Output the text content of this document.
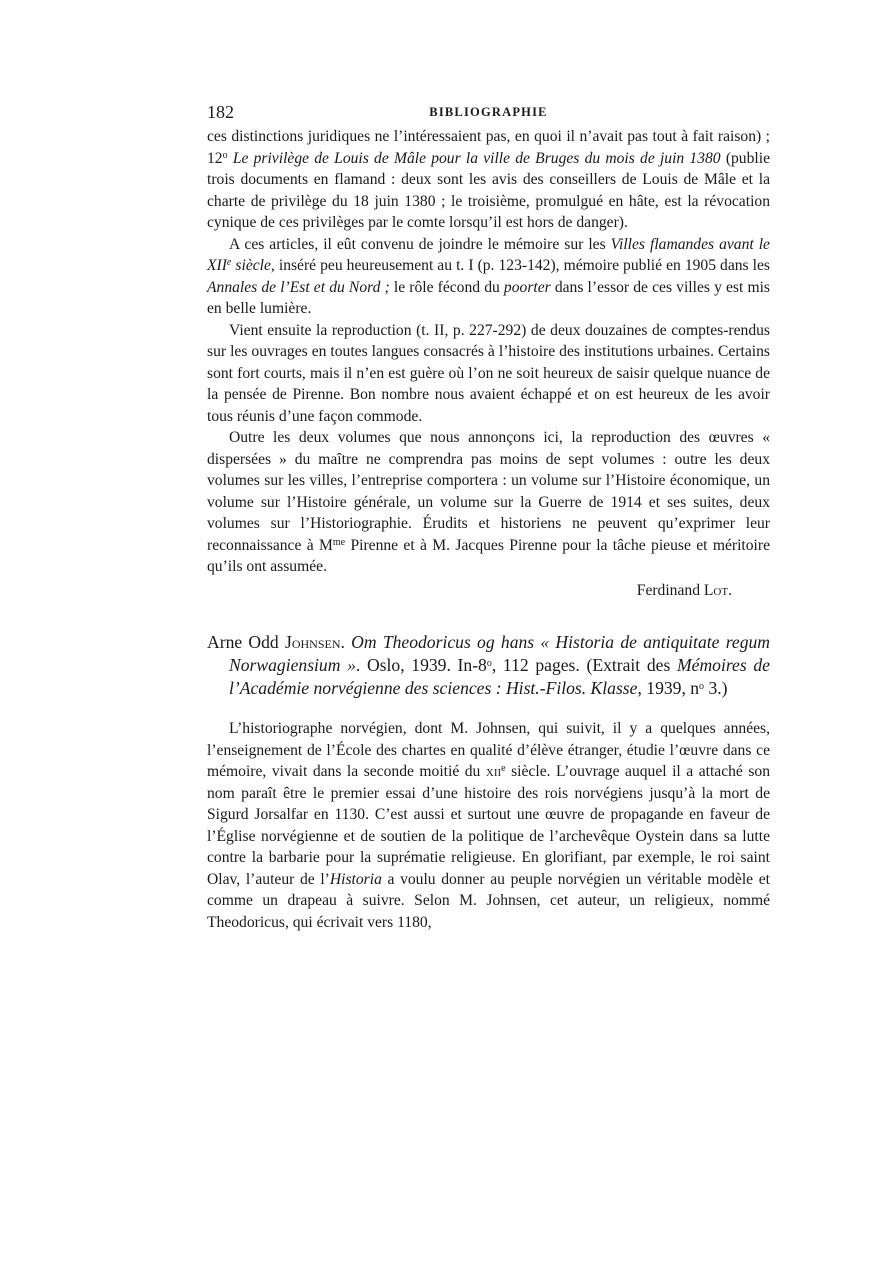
182	BIBLIOGRAPHIE

ces distinctions juridiques ne l’intéressaient pas, en quoi il n’avait pas tout à fait raison) ; 12$^o$ Le privilège de Louis de Mâle pour la ville de Bruges du mois de juin 1380 (publie trois documents en flamand : deux sont les avis des conseillers de Louis de Mâle et la charte de privilège du 18 juin 1380 ; le troisième, promulgué en hâte, est la révocation cynique de ces privilèges par le comte lorsqu’il est hors de danger).

A ces articles, il eût convenu de joindre le mémoire sur les Villes flamandes avant le XIIe siècle, inséré peu heureusement au t. I (p. 123-142), mémoire publié en 1905 dans les Annales de l’Est et du Nord ; le rôle fécond du poorter dans l’essor de ces villes y est mis en belle lumière.

Vient ensuite la reproduction (t. II, p. 227-292) de deux douzaines de comptes-rendus sur les ouvrages en toutes langues consacrés à l’histoire des institutions urbaines. Certains sont fort courts, mais il n’en est guère où l’on ne soit heureux de saisir quelque nuance de la pensée de Pirenne. Bon nombre nous avaient échappé et on est heureux de les avoir tous réunis d’une façon commode.

Outre les deux volumes que nous annonçons ici, la reproduction des œuvres « dispersées » du maître ne comprendra pas moins de sept volumes : outre les deux volumes sur les villes, l’entreprise comportera : un volume sur l’Histoire économique, un volume sur l’Histoire générale, un volume sur la Guerre de 1914 et ses suites, deux volumes sur l’Historiographie. Érudits et historiens ne peuvent qu’exprimer leur reconnaissance à $M^{me}$ Pirenne et à M. Jacques Pirenne pour la tâche pieuse et méritoire qu’ils ont assumée.

Ferdinand Lot.

Arne Odd Johnsen. Om Theodoricus og hans « Historia de antiquitate regum Norwagiensium ». Oslo, 1939. In-8$^o$, 112 pages. (Extrait des Mémoires de l’Académie norvégienne des sciences : Hist.-Filos. Klasse, 1939, $n^o$ 3.)

L’historiographe norvégien, dont M. Johnsen, qui suivit, il y a quelques années, l’enseignement de l’École des chartes en qualité d’élève étranger, étudie l’œuvre dans ce mémoire, vivait dans la seconde moitié du xii$^e$ siècle. L’ouvrage auquel il a attaché son nom paraît être le premier essai d’une histoire des rois norvégiens jusqu’à la mort de Sigurd Jorsalfar en 1130. C’est aussi et surtout une œuvre de propagande en faveur de l’Église norvégienne et de soutien de la politique de l’archevêque Oystein dans sa lutte contre la barbarie pour la suprématie religieuse. En glorifiant, par exemple, le roi saint Olav, l’auteur de l’Historia a voulu donner au peuple norvégien un véritable modèle et comme un drapeau à suivre. Selon M. Johnsen, cet auteur, un religieux, nommé Theodoricus, qui écrivait vers 1180,
